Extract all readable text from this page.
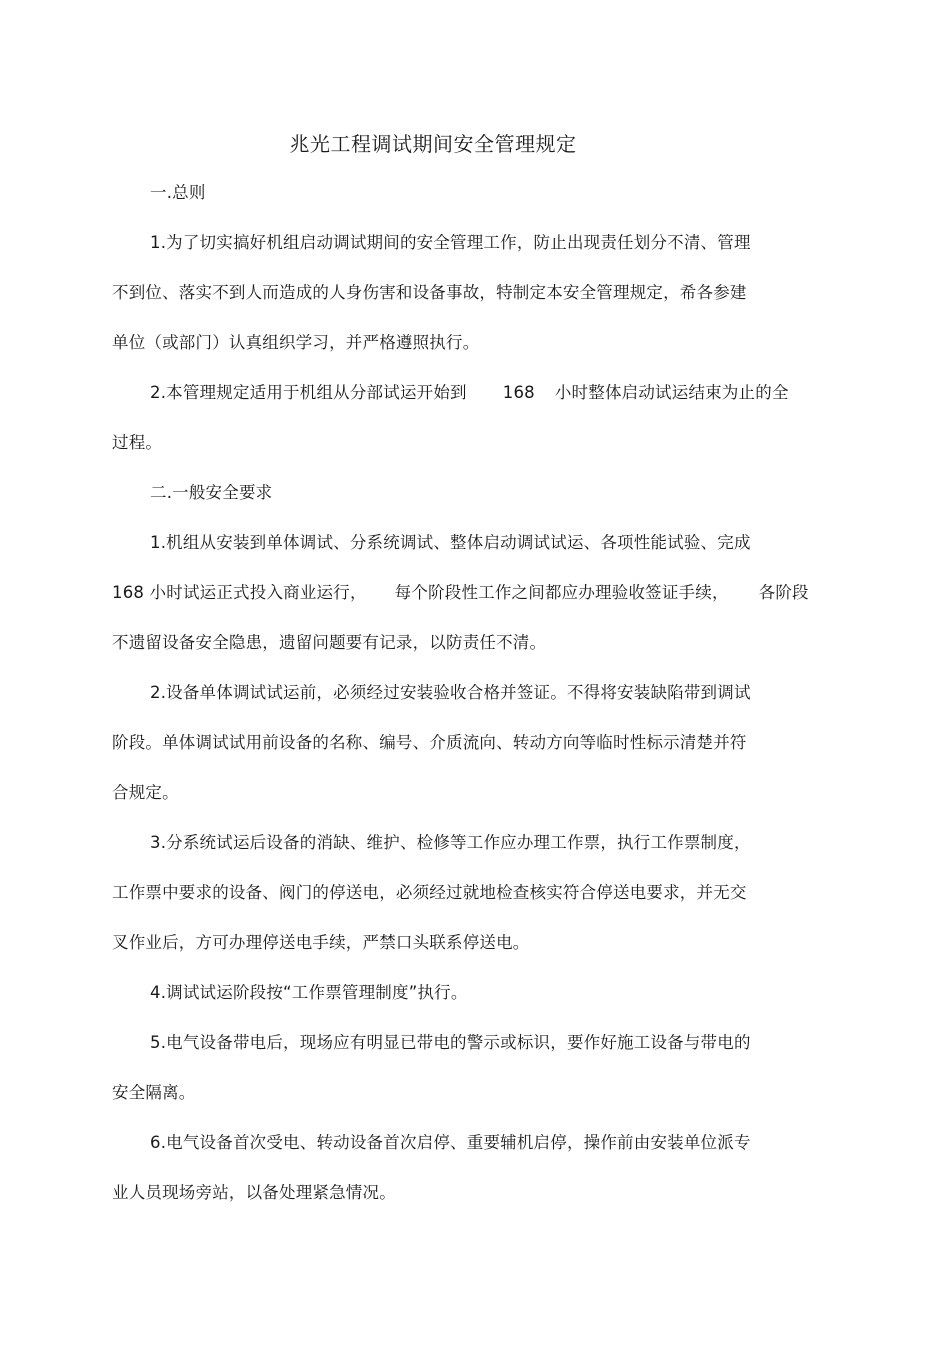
兆光工程调试期间安全管理规定
一.总则
1.为了切实搞好机组启动调试期间的安全管理工作，防止出现责任划分不清、管理
不到位、落实不到人而造成的人身伤害和设备事故，特制定本安全管理规定，希各参建
单位（或部门）认真组织学习，并严格遵照执行。
2.本管理规定适用于机组从分部试运开始到 168 小时整体启动试运结束为止的全
过程。
二.一般安全要求
1.机组从安装到单体调试、分系统调试、整体启动调试试运、各项性能试验、完成
168 小时试运正式投入商业运行， 每个阶段性工作之间都应办理验收签证手续， 各阶段
不遗留设备安全隐患，遗留问题要有记录，以防责任不清。
2.设备单体调试试运前，必须经过安装验收合格并签证。不得将安装缺陷带到调试
阶段。单体调试试用前设备的名称、编号、介质流向、转动方向等临时性标示清楚并符
合规定。
3.分系统试运后设备的消缺、维护、检修等工作应办理工作票，执行工作票制度，
工作票中要求的设备、阀门的停送电，必须经过就地检查核实符合停送电要求，并无交
叉作业后，方可办理停送电手续，严禁口头联系停送电。
4.调试试运阶段按“工作票管理制度”执行。
5.电气设备带电后，现场应有明显已带电的警示或标识，要作好施工设备与带电的
安全隔离。
6.电气设备首次受电、转动设备首次启停、重要辅机启停，操作前由安装单位派专
业人员现场旁站，以备处理紧急情况。
